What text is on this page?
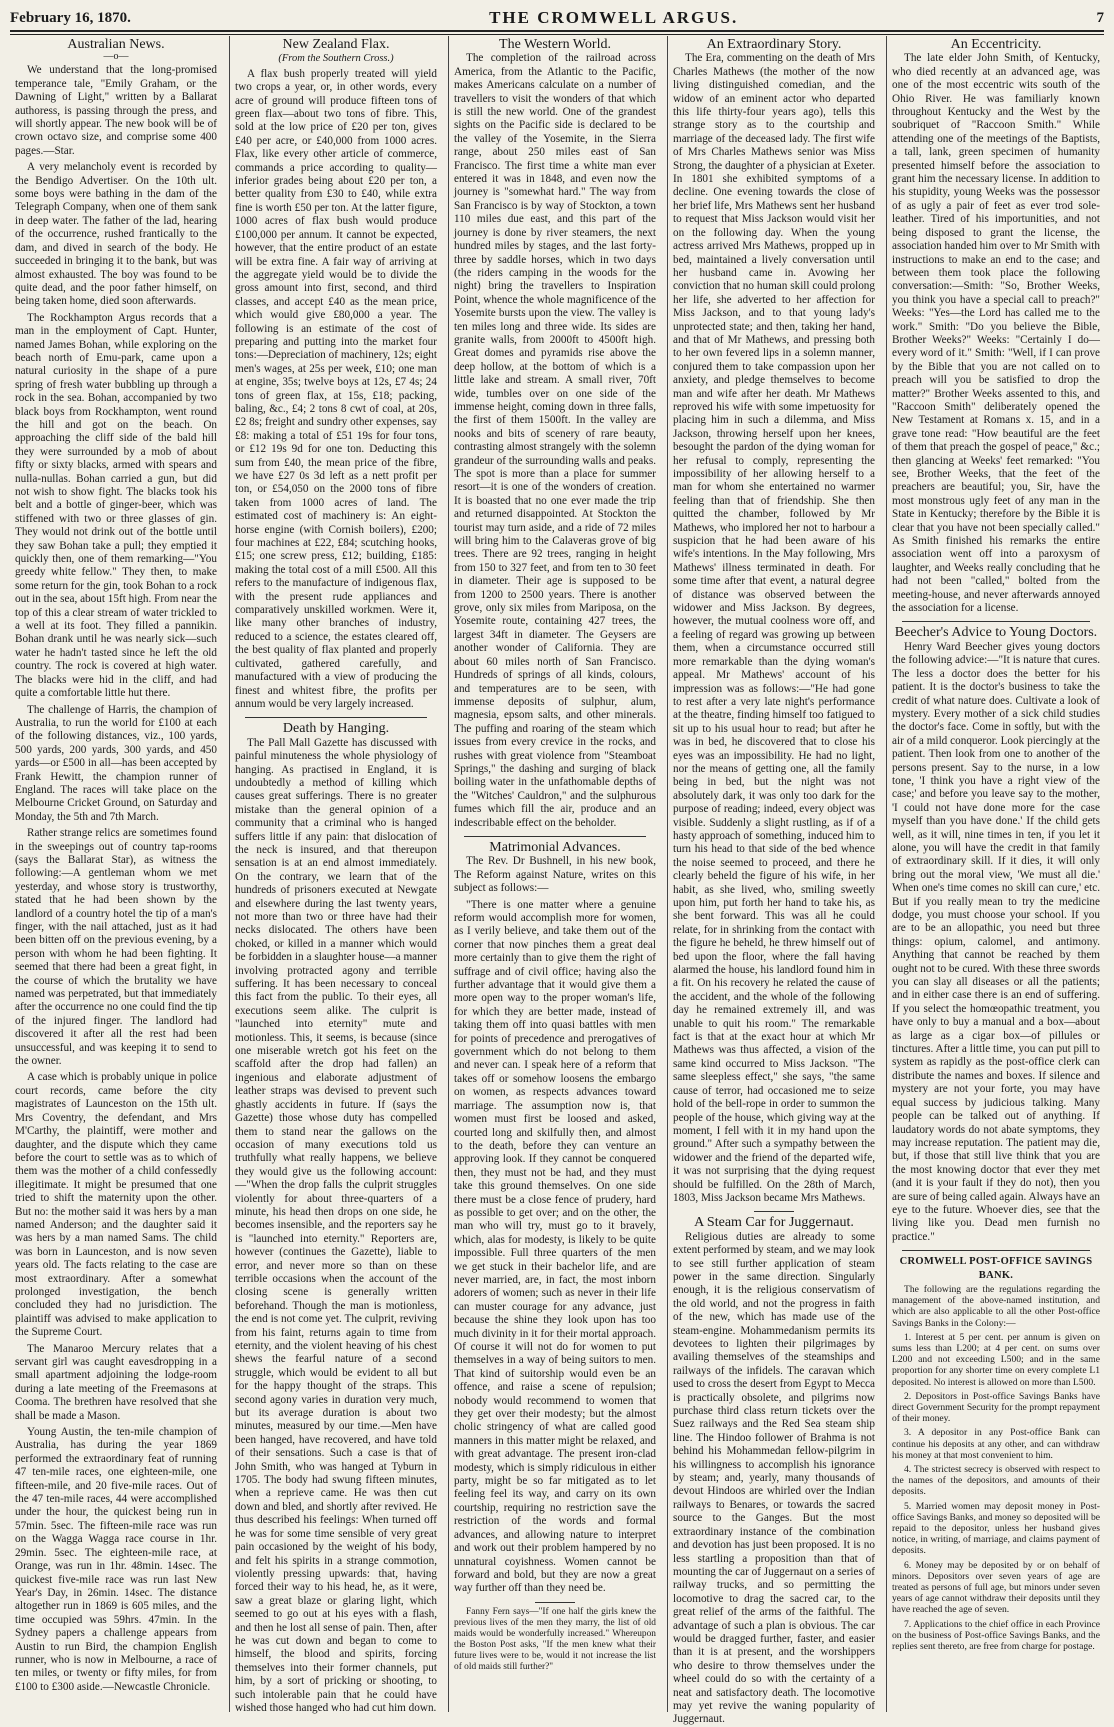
February 16, 1870.	THE CROMWELL ARGUS.	7
Australian News.
—o—

We understand that the long-promised temperance tale, "Emily Graham, or the Dawning of Light," written by a Ballarat authoress, is passing through the press, and will shortly appear. The new book will be of crown octavo size, and comprise some 400 pages.—Star.

A very melancholy event is recorded by the Bendigo Advertiser. On the 10th ult. some boys were bathing in the dam of the Telegraph Company, when one of them sank in deep water. The father of the lad, hearing of the occurrence, rushed frantically to the dam, and dived in search of the body. He succeeded in bringing it to the bank, but was almost exhausted. The boy was found to be quite dead, and the poor father himself, on being taken home, died soon afterwards.

The Rockhampton Argus records that a man in the employment of Capt. Hunter, named James Bohan, while exploring on the beach north of Emu-park, came upon a natural curiosity in the shape of a pure spring of fresh water bubbling up through a rock in the sea. Bohan, accompanied by two black boys from Rockhampton, went round the hill and got on the beach. On approaching the cliff side of the bald hill they were surrounded by a mob of about fifty or sixty blacks, armed with spears and nulla-nullas. Bohan carried a gun, but did not wish to show fight. The blacks took his belt and a bottle of ginger-beer, which was stiffened with two or three glasses of gin. They would not drink out of the bottle until they saw Bohan take a pull; they emptied it quickly then, one of them remarking—"You greedy white fellow." They then, to make some return for the gin, took Bohan to a rock out in the sea, about 15ft high. From near the top of this a clear stream of water trickled to a well at its foot. They filled a pannikin. Bohan drank until he was nearly sick—such water he hadn't tasted since he left the old country. The rock is covered at high water. The blacks were hid in the cliff, and had quite a comfortable little hut there.

The challenge of Harris, the champion of Australia, to run the world for £100 at each of the following distances, viz., 100 yards, 500 yards, 200 yards, 300 yards, and 450 yards—or £500 in all—has been accepted by Frank Hewitt, the champion runner of England. The races will take place on the Melbourne Cricket Ground, on Saturday and Monday, the 5th and 7th March.

Rather strange relics are sometimes found in the sweepings out of country tap-rooms (says the Ballarat Star), as witness the following:—A gentleman whom we met yesterday, and whose story is trustworthy, stated that he had been shown by the landlord of a country hotel the tip of a man's finger, with the nail attached, just as it had been bitten off on the previous evening, by a person with whom he had been fighting. It seemed that there had been a great fight, in the course of which the brutality we have named was perpetrated, but that immediately after the occurrence no one could find the tip of the injured finger. The landlord had discovered it after all the rest had been unsuccessful, and was keeping it to send to the owner.

A case which is probably unique in police court records, came before the city magistrates of Launceston on the 15th ult. Mrs Coventry, the defendant, and Mrs M'Carthy, the plaintiff, were mother and daughter, and the dispute which they came before the court to settle was as to which of them was the mother of a child confessedly illegitimate. It might be presumed that one tried to shift the maternity upon the other. But no: the mother said it was hers by a man named Anderson; and the daughter said it was hers by a man named Sams. The child was born in Launceston, and is now seven years old. The facts relating to the case are most extraordinary. After a somewhat prolonged investigation, the bench concluded they had no jurisdiction. The plaintiff was advised to make application to the Supreme Court.

The Manaroo Mercury relates that a servant girl was caught eavesdropping in a small apartment adjoining the lodge-room during a late meeting of the Freemasons at Cooma. The brethren have resolved that she shall be made a Mason.

Young Austin, the ten-mile champion of Australia, has during the year 1869 performed the extraordinary feat of running 47 ten-mile races, one eighteen-mile, one fifteen-mile, and 20 five-mile races. Out of the 47 ten-mile races, 44 were accomplished under the hour, the quickest being run in 57min. 5sec. The fifteen-mile race was run on the Wagga Wagga race course in 1hr. 29min. 5sec. The eighteen-mile race, at Orange, was run in 1hr. 48min. 14sec. The quickest five-mile race was run last New Year's Day, in 26min. 14sec. The distance altogether run in 1869 is 605 miles, and the time occupied was 59hrs. 47min. In the Sydney papers a challenge appears from Austin to run Bird, the champion English runner, who is now in Melbourne, a race of ten miles, or twenty or fifty miles, for from £100 to £300 aside.—Newcastle Chronicle.

New Zealand Flax.
(From the Southern Cross.)

A flax bush properly treated will yield two crops a year, or, in other words, every acre of ground will produce fifteen tons of green flax—about two tons of fibre. This, sold at the low price of £20 per ton, gives £40 per acre, or £40,000 from 1000 acres. Flax, like every other article of commerce, commands a price according to quality—inferior grades being about £20 per ton, a better quality from £30 to £40, while extra fine is worth £50 per ton. At the latter figure, 1000 acres of flax bush would produce £100,000 per annum. It cannot be expected, however, that the entire product of an estate will be extra fine. A fair way of arriving at the aggregate yield would be to divide the gross amount into first, second, and third classes, and accept £40 as the mean price, which would give £80,000 a year. The following is an estimate of the cost of preparing and putting into the market four tons:—Depreciation of machinery, 12s; eight men's wages, at 25s per week, £10; one man at engine, 35s; twelve boys at 12s, £7 4s; 24 tons of green flax, at 15s, £18; packing, baling, &c., £4; 2 tons 8 cwt of coal, at 20s, £2 8s; freight and sundry other expenses, say £8: making a total of £51 19s for four tons, or £12 19s 9d for one ton. Deducting this sum from £40, the mean price of the fibre, we have £27 0s 3d left as a nett profit per ton, or £54,050 on the 2000 tons of fibre taken from 1000 acres of land. The estimated cost of machinery is: An eight-horse engine (with Cornish boilers), £200; four machines at £22, £84; scutching hooks, £15; one screw press, £12; building, £185: making the total cost of a mill £500. All this refers to the manufacture of indigenous flax, with the present rude appliances and comparatively unskilled workmen. Were it, like many other branches of industry, reduced to a science, the estates cleared off, the best quality of flax planted and properly cultivated, gathered carefully, and manufactured with a view of producing the finest and whitest fibre, the profits per annum would be very largely increased.

Death by Hanging.

The Pall Mall Gazette has discussed with painful minuteness the whole physiology of hanging. As practised in England, it is undoubtedly a method of killing which causes great sufferings. There is no greater mistake than the general opinion of a community that a criminal who is hanged suffers little if any pain: that dislocation of the neck is insured, and that thereupon sensation is at an end almost immediately. On the contrary, we learn that of the hundreds of prisoners executed at Newgate and elsewhere during the last twenty years, not more than two or three have had their necks dislocated. The others have been choked, or killed in a manner which would be forbidden in a slaughter house—a manner involving protracted agony and terrible suffering. It has been necessary to conceal this fact from the public. To their eyes, all executions seem alike. The culprit is "launched into eternity" mute and motionless. This, it seems, is because (since one miserable wretch got his feet on the scaffold after the drop had fallen) an ingenious and elaborate adjustment of leather straps was devised to prevent such ghastly accidents in future. If (says the Gazette) those whose duty has compelled them to stand near the gallows on the occasion of many executions told us truthfully what really happens, we believe they would give us the following account:—"When the drop falls the culprit struggles violently for about three-quarters of a minute, his head then drops on one side, he becomes insensible, and the reporters say he is "launched into eternity." Reporters are, however (continues the Gazette), liable to error, and never more so than on these terrible occasions when the account of the closing scene is generally written beforehand. Though the man is motionless, the end is not come yet. The culprit, reviving from his faint, returns again to time from eternity, and the violent heaving of his chest shews the fearful nature of a second struggle, which would be evident to all but for the happy thought of the straps. This second agony varies in duration very much, but its average duration is about two minutes, measured by our time.—Men have been hanged, have recovered, and have told of their sensations. Such a case is that of John Smith, who was hanged at Tyburn in 1705. The body had swung fifteen minutes, when a reprieve came. He was then cut down and bled, and shortly after revived. He thus described his feelings: When turned off he was for some time sensible of very great pain occasioned by the weight of his body, and felt his spirits in a strange commotion, violently pressing upwards: that, having forced their way to his head, he, as it were, saw a great blaze or glaring light, which seemed to go out at his eyes with a flash, and then he lost all sense of pain. Then, after he was cut down and began to come to himself, the blood and spirits, forcing themselves into their former channels, put him, by a sort of pricking or shooting, to such intolerable pain that he could have wished those hanged who had cut him down.

The Western World.

The completion of the railroad across America, from the Atlantic to the Pacific, makes Americans calculate on a number of travellers to visit the wonders of that which is still the new world. One of the grandest sights on the Pacific side is declared to be the valley of the Yosemite, in the Sierra range, about 250 miles east of San Francisco. The first time a white man ever entered it was in 1848, and even now the journey is "somewhat hard." The way from San Francisco is by way of Stockton, a town 110 miles due east, and this part of the journey is done by river steamers, the next hundred miles by stages, and the last forty-three by saddle horses, which in two days (the riders camping in the woods for the night) bring the travellers to Inspiration Point, whence the whole magnificence of the Yosemite bursts upon the view. The valley is ten miles long and three wide. Its sides are granite walls, from 2000ft to 4500ft high. Great domes and pyramids rise above the deep hollow, at the bottom of which is a little lake and stream. A small river, 70ft wide, tumbles over on one side of the immense height, coming down in three falls, the first of them 1500ft. In the valley are nooks and bits of scenery of rare beauty, contrasting almost strangely with the solemn grandeur of the surrounding walls and peaks. The spot is more than a place for summer resort—it is one of the wonders of creation. It is boasted that no one ever made the trip and returned disappointed. At Stockton the tourist may turn aside, and a ride of 72 miles will bring him to the Calaveras grove of big trees. There are 92 trees, ranging in height from 150 to 327 feet, and from ten to 30 feet in diameter. Their age is supposed to be from 1200 to 2500 years. There is another grove, only six miles from Mariposa, on the Yosemite route, containing 427 trees, the largest 34ft in diameter. The Geysers are another wonder of California. They are about 60 miles north of San Francisco. Hundreds of springs of all kinds, colours, and temperatures are to be seen, with immense deposits of sulphur, alum, magnesia, epsom salts, and other minerals. The puffing and roaring of the steam which issues from every crevice in the rocks, and rushes with great violence from "Steamboat Springs," the dashing and surging of black boiling water in the unfathomable depths of the "Witches' Cauldron," and the sulphurous fumes which fill the air, produce and an indescribable effect on the beholder.

Matrimonial Advances.

The Rev. Dr Bushnell, in his new book, The Reform against Nature, writes on this subject as follows:—

"There is one matter where a genuine reform would accomplish more for women, as I verily believe, and take them out of the corner that now pinches them a great deal more certainly than to give them the right of suffrage and of civil office; having also the further advantage that it would give them a more open way to the proper woman's life, for which they are better made, instead of taking them off into quasi battles with men for points of precedence and prerogatives of government which do not belong to them and never can. I speak here of a reform that takes off or somehow loosens the embargo on women, as respects advances toward marriage. The assumption now is, that women must first be loosed and asked, courted long and skilfully then, and almost to the death, before they can venture an approving look. If they cannot be conquered then, they must not be had, and they must take this ground themselves. On one side there must be a close fence of prudery, hard as possible to get over; and on the other, the man who will try, must go to it bravely, which, alas for modesty, is likely to be quite impossible. Full three quarters of the men we get stuck in their bachelor life, and are never married, are, in fact, the most inborn adorers of women; such as never in their life can muster courage for any advance, just because the shine they look upon has too much divinity in it for their mortal approach. Of course it will not do for women to put themselves in a way of being suitors to men. That kind of suitorship would even be an offence, and raise a scene of repulsion; nobody would recommend to women that they get over their modesty; but the almost cholic stringency of what are called good manners in this matter might be relaxed, and with great advantage. The present iron-clad modesty, which is simply ridiculous in either party, might be so far mitigated as to let feeling feel its way, and carry on its own courtship, requiring no restriction save the restriction of the words and formal advances, and allowing nature to interpret and work out their problem hampered by no unnatural coyishness. Women cannot be forward and bold, but they are now a great way further off than they need be.

Fanny Fern says—"If one half the girls knew the previous lives of the men they marry, the list of old maids would be wonderfully increased." Whereupon the Boston Post asks, "If the men knew what their future lives were to be, would it not increase the list of old maids still further?"

An Extraordinary Story.

The Era, commenting on the death of Mrs Charles Mathews (the mother of the now living distinguished comedian, and the widow of an eminent actor who departed this life thirty-four years ago), tells this strange story as to the courtship and marriage of the deceased lady. The first wife of Mrs Charles Mathews senior was Miss Strong, the daughter of a physician at Exeter. In 1801 she exhibited symptoms of a decline. One evening towards the close of her brief life, Mrs Mathews sent her husband to request that Miss Jackson would visit her on the following day. When the young actress arrived Mrs Mathews, propped up in bed, maintained a lively conversation until her husband came in. Avowing her conviction that no human skill could prolong her life, she adverted to her affection for Miss Jackson, and to that young lady's unprotected state; and then, taking her hand, and that of Mr Mathews, and pressing both to her own fevered lips in a solemn manner, conjured them to take compassion upon her anxiety, and pledge themselves to become man and wife after her death. Mr Mathews reproved his wife with some impetuosity for placing him in such a dilemma, and Miss Jackson, throwing herself upon her knees, besought the pardon of the dying woman for her refusal to comply, representing the impossibility of her allowing herself to a man for whom she entertained no warmer feeling than that of friendship. She then quitted the chamber, followed by Mr Mathews, who implored her not to harbour a suspicion that he had been aware of his wife's intentions. In the May following, Mrs Mathews' illness terminated in death. For some time after that event, a natural degree of distance was observed between the widower and Miss Jackson. By degrees, however, the mutual coolness wore off, and a feeling of regard was growing up between them, when a circumstance occurred still more remarkable than the dying woman's appeal. Mr Mathews' account of his impression was as follows:—"He had gone to rest after a very late night's performance at the theatre, finding himself too fatigued to sit up to his usual hour to read; but after he was in bed, he discovered that to close his eyes was an impossibility. He had no light, nor the means of getting one, all the family being in bed, but the night was not absolutely dark, it was only too dark for the purpose of reading; indeed, every object was visible. Suddenly a slight rustling, as if of a hasty approach of something, induced him to turn his head to that side of the bed whence the noise seemed to proceed, and there he clearly beheld the figure of his wife, in her habit, as she lived, who, smiling sweetly upon him, put forth her hand to take his, as she bent forward. This was all he could relate, for in shrinking from the contact with the figure he beheld, he threw himself out of bed upon the floor, where the fall having alarmed the house, his landlord found him in a fit. On his recovery he related the cause of the accident, and the whole of the following day he remained extremely ill, and was unable to quit his room." The remarkable fact is that at the exact hour at which Mr Mathews was thus affected, a vision of the same kind occurred to Miss Jackson. "The same sleepless effect," she says, "the same cause of terror, had occasioned me to seize hold of the bell-rope in order to summon the people of the house, which giving way at the moment, I fell with it in my hand upon the ground." After such a sympathy between the widower and the friend of the departed wife, it was not surprising that the dying request should be fulfilled. On the 28th of March, 1803, Miss Jackson became Mrs Mathews.

A Steam Car for Juggernaut.

Religious duties are already to some extent performed by steam, and we may look to see still further application of steam power in the same direction. Singularly enough, it is the religious conservatism of the old world, and not the progress in faith of the new, which has made use of the steam-engine. Mohammedanism permits its devotees to lighten their pilgrimages by availing themselves of the steamships and railways of the infidels. The caravan which used to cross the desert from Egypt to Mecca is practically obsolete, and pilgrims now purchase third class return tickets over the Suez railways and the Red Sea steam ship line. The Hindoo follower of Brahma is not behind his Mohammedan fellow-pilgrim in his willingness to accomplish his ignorance by steam; and, yearly, many thousands of devout Hindoos are whirled over the Indian railways to Benares, or towards the sacred source to the Ganges. But the most extraordinary instance of the combination and devotion has just been proposed. It is no less startling a proposition than that of mounting the car of Juggernaut on a series of railway trucks, and so permitting the locomotive to drag the sacred car, to the great relief of the arms of the faithful. The advantage of such a plan is obvious. The car would be dragged further, faster, and easier than it is at present, and the worshippers who desire to throw themselves under the wheel could do so with the certainty of a neat and satisfactory death. The locomotive may yet revive the waning popularity of Juggernaut.

An Eccentricity.

The late elder John Smith, of Kentucky, who died recently at an advanced age, was one of the most eccentric wits south of the Ohio River. He was familiarly known throughout Kentucky and the West by the soubriquet of "Raccoon Smith." While attending one of the meetings of the Baptists, a tall, lank, green specimen of humanity presented himself before the association to grant him the necessary license. In addition to his stupidity, young Weeks was the possessor of as ugly a pair of feet as ever trod sole-leather. Tired of his importunities, and not being disposed to grant the license, the association handed him over to Mr Smith with instructions to make an end to the case; and between them took place the following conversation:—Smith: "So, Brother Weeks, you think you have a special call to preach?" Weeks: "Yes—the Lord has called me to the work." Smith: "Do you believe the Bible, Brother Weeks?" Weeks: "Certainly I do—every word of it." Smith: "Well, if I can prove by the Bible that you are not called on to preach will you be satisfied to drop the matter?" Brother Weeks assented to this, and "Raccoon Smith" deliberately opened the New Testament at Romans x. 15, and in a grave tone read: "How beautiful are the feet of them that preach the gospel of peace," &c.; then glancing at Weeks' feet remarked: "You see, Brother Weeks, that the feet of the preachers are beautiful; you, Sir, have the most monstrous ugly feet of any man in the State in Kentucky; therefore by the Bible it is clear that you have not been specially called." As Smith finished his remarks the entire association went off into a paroxysm of laughter, and Weeks really concluding that he had not been "called," bolted from the meeting-house, and never afterwards annoyed the association for a license.

Beecher's Advice to Young Doctors.

Henry Ward Beecher gives young doctors the following advice:—"It is nature that cures. The less a doctor does the better for his patient. It is the doctor's business to take the credit of what nature does. Cultivate a look of mystery. Every mother of a sick child studies the doctor's face. Come in softly, but with the air of a mild conqueror. Look piercingly at the patient. Then look from one to another of the persons present. Say to the nurse, in a low tone, 'I think you have a right view of the case;' and before you leave say to the mother, 'I could not have done more for the case myself than you have done.' If the child gets well, as it will, nine times in ten, if you let it alone, you will have the credit in that family of extraordinary skill. If it dies, it will only bring out the moral view, 'We must all die.' When one's time comes no skill can cure,' etc. But if you really mean to try the medicine dodge, you must choose your school. If you are to be an allopathic, you need but three things: opium, calomel, and antimony. Anything that cannot be reached by them ought not to be cured. With these three swords you can slay all diseases or all the patients; and in either case there is an end of suffering. If you select the homœopathic treatment, you have only to buy a manual and a box—about as large as a cigar box—of pillules or tinctures. After a little time, you can put pill to system as rapidly as the post-office clerk can distribute the names and boxes. If silence and mystery are not your forte, you may have equal success by judicious talking. Many people can be talked out of anything. If laudatory words do not abate symptoms, they may increase reputation. The patient may die, but, if those that still live think that you are the most knowing doctor that ever they met (and it is your fault if they do not), then you are sure of being called again. Always have an eye to the future. Whoever dies, see that the living like you. Dead men furnish no practice."

CROMWELL POST-OFFICE SAVINGS BANK.

The following are the regulations regarding the management of the above-named institution, and which are also applicable to all the other Post-office Savings Banks in the Colony:—

1. Interest at 5 per cent. per annum is given on sums less than L200; at 4 per cent. on sums over L200 and not exceeding L500; and in the same proportion for any shorter time on every complete L1 deposited. No interest is allowed on more than L500.

2. Depositors in Post-office Savings Banks have direct Government Security for the prompt repayment of their money.

3. A depositor in any Post-office Bank can continue his deposits at any other, and can withdraw his money at that most convenient to him.

4. The strictest secrecy is observed with respect to the names of the depositors, and amounts of their deposits.

5. Married women may deposit money in Post-office Savings Banks, and money so deposited will be repaid to the depositor, unless her husband gives notice, in writing, of marriage, and claims payment of deposits.

6. Money may be deposited by or on behalf of minors. Depositors over seven years of age are treated as persons of full age, but minors under seven years of age cannot withdraw their deposits until they have reached the age of seven.

7. Applications to the chief office in each Province on the business of Post-office Savings Banks, and the replies sent thereto, are free from charge for postage.
